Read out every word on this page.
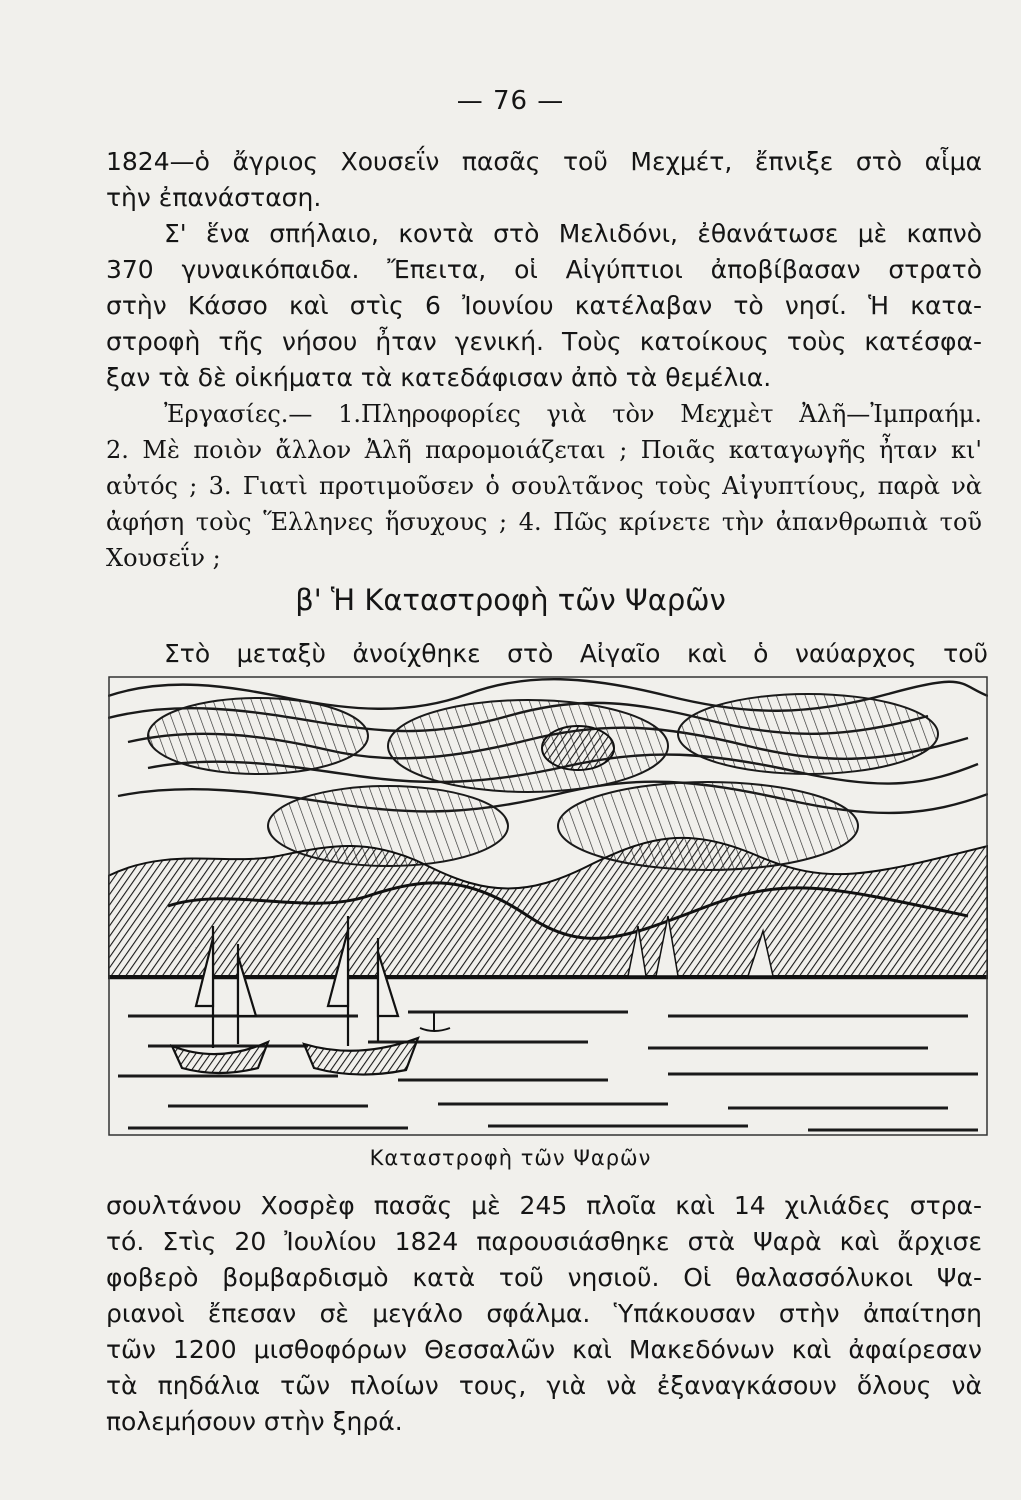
— 76 —
1824—ὁ ἄγριος Χουσεΐν πασᾶς τοῦ Μεχμέτ, ἔπνιξε στὸ αἷμα
τὴν ἐπανάσταση.
Σ' ἕνα σπήλαιο, κοντὰ στὸ Μελιδόνι, ἐθανάτωσε μὲ καπνὸ
370 γυναικόπαιδα. Ἔπειτα, οἱ Αἰγύπτιοι ἀποβίβασαν στρατὸ
στὴν Κάσσο καὶ στὶς 6 Ἰουνίου κατέλαβαν τὸ νησί. Ἡ κατα-
στροφὴ τῆς νήσου ἦταν γενική. Τοὺς κατοίκους τοὺς κατέσφα-
ξαν τὰ δὲ οἰκήματα τὰ κατεδάφισαν ἀπὸ τὰ θεμέλια.
Ἐργασίες.— 1.Πληροφορίες γιὰ τὸν Μεχμὲτ Ἀλῆ—Ἰμπραήμ.
2. Μὲ ποιὸν ἄλλον Ἀλῆ παρομοιάζεται ; Ποιᾶς καταγωγῆς ἦταν κι'
αὐτός ; 3. Γιατὶ προτιμοῦσεν ὁ σουλτᾶνος τοὺς Αἰγυπτίους, παρὰ νὰ
ἀφήση τοὺς Ἕλληνες ἥσυχους ; 4. Πῶς κρίνετε τὴν ἀπανθρωπιὰ τοῦ
Χουσεΐν ;
β' Ἡ Καταστροφὴ τῶν Ψαρῶν
Στὸ μεταξὺ ἀνοίχθηκε στὸ Αἰγαῖο καὶ ὁ ναύαρχος τοῦ
Καταστροφὴ τῶν Ψαρῶν
σουλτάνου Χοσρὲφ πασᾶς μὲ 245 πλοῖα καὶ 14 χιλιάδες στρα-
τό. Στὶς 20 Ἰουλίου 1824 παρουσιάσθηκε στὰ Ψαρὰ καὶ ἄρχισε
φοβερὸ βομβαρδισμὸ κατὰ τοῦ νησιοῦ. Οἱ θαλασσόλυκοι Ψα-
ριανοὶ ἔπεσαν σὲ μεγάλο σφάλμα. Ὑπάκουσαν στὴν ἀπαίτηση
τῶν 1200 μισθοφόρων Θεσσαλῶν καὶ Μακεδόνων καὶ ἀφαίρεσαν
τὰ πηδάλια τῶν πλοίων τους, γιὰ νὰ ἐξαναγκάσουν ὅλους νὰ
πολεμήσουν στὴν ξηρά.
